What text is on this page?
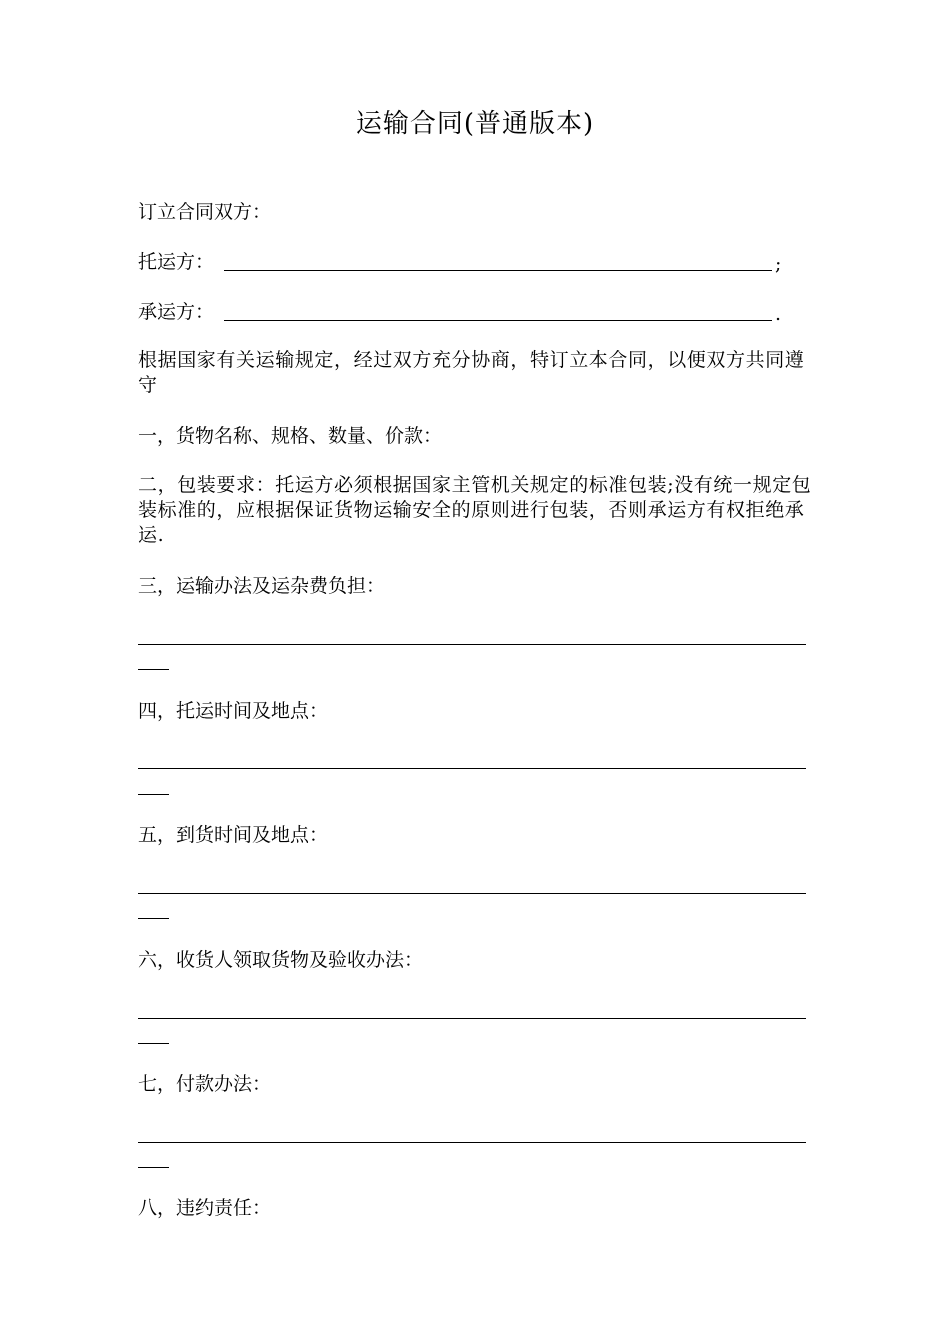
运输合同(普通版本)
订立合同双方：
托运方：	;
承运方：	.
根据国家有关运输规定，经过双方充分协商，特订立本合同，以便双方共同遵守
一，货物名称、规格、数量、价款：
二，包装要求：托运方必须根据国家主管机关规定的标准包装;没有统一规定包装标准的，应根据保证货物运输安全的原则进行包装，否则承运方有权拒绝承运.
三，运输办法及运杂费负担：
四，托运时间及地点：
五，到货时间及地点：
六，收货人领取货物及验收办法：
七，付款办法：
八，违约责任：
